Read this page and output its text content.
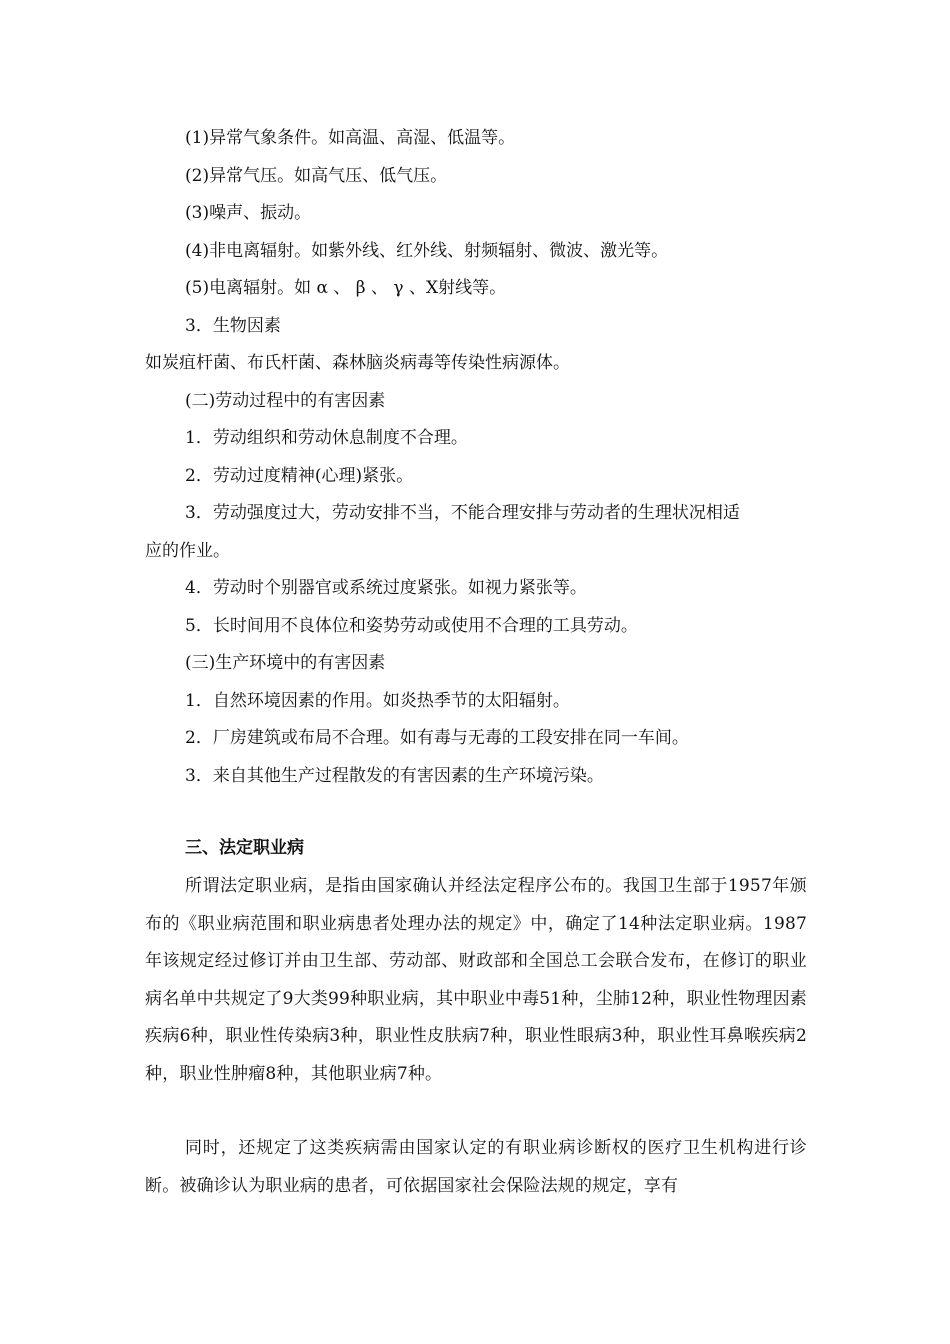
(1)异常气象条件。如高温、高湿、低温等。
(2)异常气压。如高气压、低气压。
(3)噪声、振动。
(4)非电离辐射。如紫外线、红外线、射频辐射、微波、激光等。
(5)电离辐射。如 α 、 β 、 γ 、X射线等。
3．生物因素
如炭疽杆菌、布氏杆菌、森林脑炎病毒等传染性病源体。
(二)劳动过程中的有害因素
1．劳动组织和劳动休息制度不合理。
2．劳动过度精神(心理)紧张。
3．劳动强度过大，劳动安排不当，不能合理安排与劳动者的生理状况相适
应的作业。
4．劳动时个别器官或系统过度紧张。如视力紧张等。
5．长时间用不良体位和姿势劳动或使用不合理的工具劳动。
(三)生产环境中的有害因素
1．自然环境因素的作用。如炎热季节的太阳辐射。
2．厂房建筑或布局不合理。如有毒与无毒的工段安排在同一车间。
3．来自其他生产过程散发的有害因素的生产环境污染。
三、法定职业病
所谓法定职业病，是指由国家确认并经法定程序公布的。我国卫生部于1957年颁布的《职业病范围和职业病患者处理办法的规定》中，确定了14种法定职业病。1987年该规定经过修订并由卫生部、劳动部、财政部和全国总工会联合发布，在修订的职业病名单中共规定了9大类99种职业病，其中职业中毒51种，尘肺12种，职业性物理因素疾病6种，职业性传染病3种，职业性皮肤病7种，职业性眼病3种，职业性耳鼻喉疾病2种，职业性肿瘤8种，其他职业病7种。
同时，还规定了这类疾病需由国家认定的有职业病诊断权的医疗卫生机构进行诊断。被确诊认为职业病的患者，可依据国家社会保险法规的规定，享有
